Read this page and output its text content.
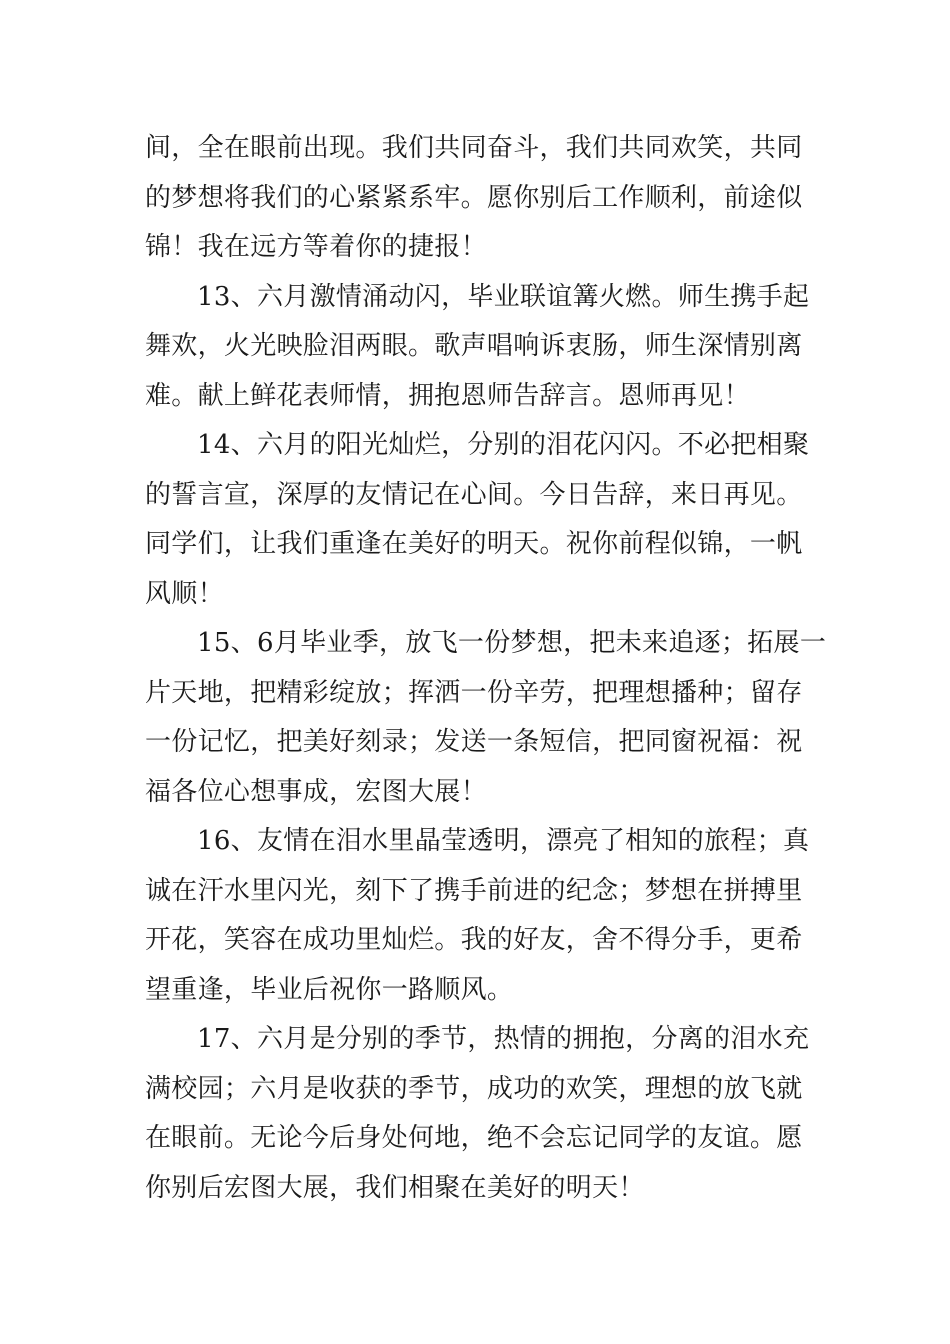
间，全在眼前出现。我们共同奋斗，我们共同欢笑，共同
的梦想将我们的心紧紧系牢。愿你别后工作顺利，前途似
锦！我在远方等着你的捷报！
13、六月激情涌动闪，毕业联谊篝火燃。师生携手起
舞欢，火光映脸泪两眼。歌声唱响诉衷肠，师生深情别离
难。献上鲜花表师情，拥抱恩师告辞言。恩师再见！
14、六月的阳光灿烂，分别的泪花闪闪。不必把相聚
的誓言宣，深厚的友情记在心间。今日告辞，来日再见。
同学们，让我们重逢在美好的明天。祝你前程似锦，一帆
风顺！
15、6月毕业季，放飞一份梦想，把未来追逐；拓展一
片天地，把精彩绽放；挥洒一份辛劳，把理想播种；留存
一份记忆，把美好刻录；发送一条短信，把同窗祝福：祝
福各位心想事成，宏图大展！
16、友情在泪水里晶莹透明，漂亮了相知的旅程；真
诚在汗水里闪光，刻下了携手前进的纪念；梦想在拼搏里
开花，笑容在成功里灿烂。我的好友，舍不得分手，更希
望重逢，毕业后祝你一路顺风。
17、六月是分别的季节，热情的拥抱，分离的泪水充
满校园；六月是收获的季节，成功的欢笑，理想的放飞就
在眼前。无论今后身处何地，绝不会忘记同学的友谊。愿
你别后宏图大展，我们相聚在美好的明天！
